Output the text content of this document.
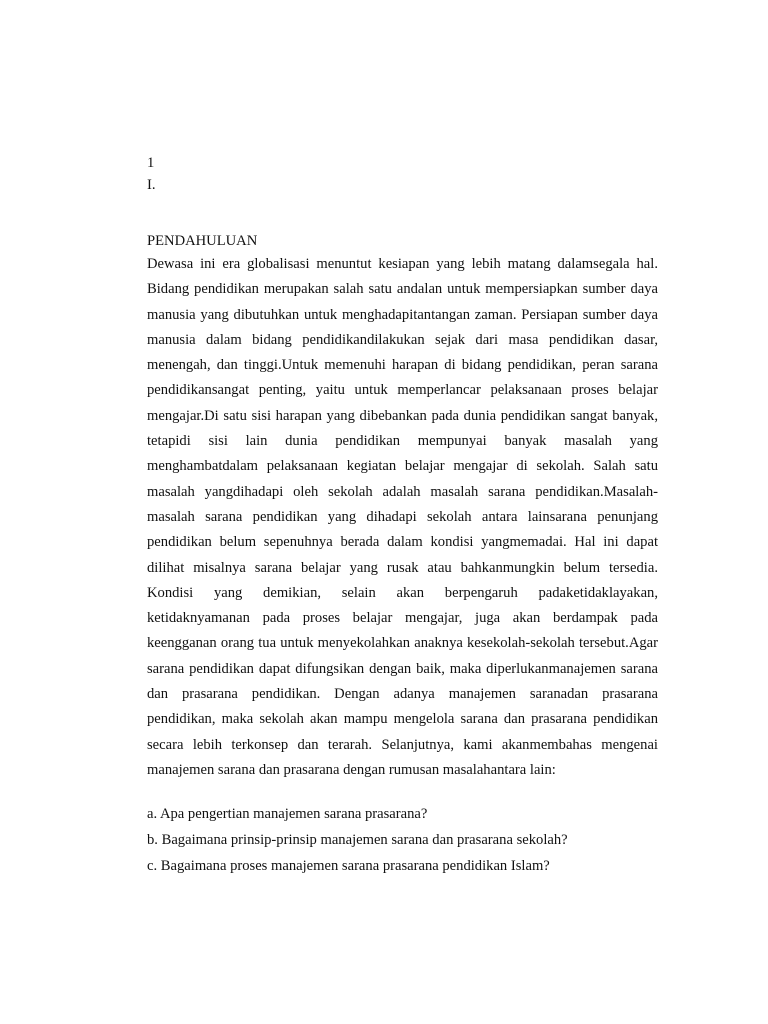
1

I.

PENDAHULUAN

Dewasa ini era globalisasi menuntut kesiapan yang lebih matang dalamsegala hal. Bidang pendidikan merupakan salah satu andalan untuk mempersiapkan sumber daya manusia yang dibutuhkan untuk menghadapitantangan zaman. Persiapan sumber daya manusia dalam bidang pendidikandilakukan sejak dari masa pendidikan dasar, menengah, dan tinggi.Untuk memenuhi harapan di bidang pendidikan, peran sarana pendidikansangat penting, yaitu untuk memperlancar pelaksanaan proses belajar mengajar.Di satu sisi harapan yang dibebankan pada dunia pendidikan sangat banyak, tetapidi sisi lain dunia pendidikan mempunyai banyak masalah yang menghambatdalam pelaksanaan kegiatan belajar mengajar di sekolah. Salah satu masalah yangdihadapi oleh sekolah adalah masalah sarana pendidikan.Masalah-masalah sarana pendidikan yang dihadapi sekolah antara lainsarana penunjang pendidikan belum sepenuhnya berada dalam kondisi yangmemadai. Hal ini dapat dilihat misalnya sarana belajar yang rusak atau bahkanmungkin belum tersedia. Kondisi yang demikian, selain akan berpengaruh padaketidaklayakan, ketidaknyamanan pada proses belajar mengajar, juga akan berdampak pada keengganan orang tua untuk menyekolahkan anaknya kesekolah-sekolah tersebut.Agar sarana pendidikan dapat difungsikan dengan baik, maka diperlukanmanajemen sarana dan prasarana pendidikan. Dengan adanya manajemen saranadan prasarana pendidikan, maka sekolah akan mampu mengelola sarana dan prasarana pendidikan secara lebih terkonsep dan terarah. Selanjutnya, kami akanmembahas mengenai manajemen sarana dan prasarana dengan rumusan masalahantara lain:

a. Apa pengertian manajemen sarana prasarana?
b. Bagaimana prinsip-prinsip manajemen sarana dan prasarana sekolah?
c. Bagaimana proses manajemen sarana prasarana pendidikan Islam?
